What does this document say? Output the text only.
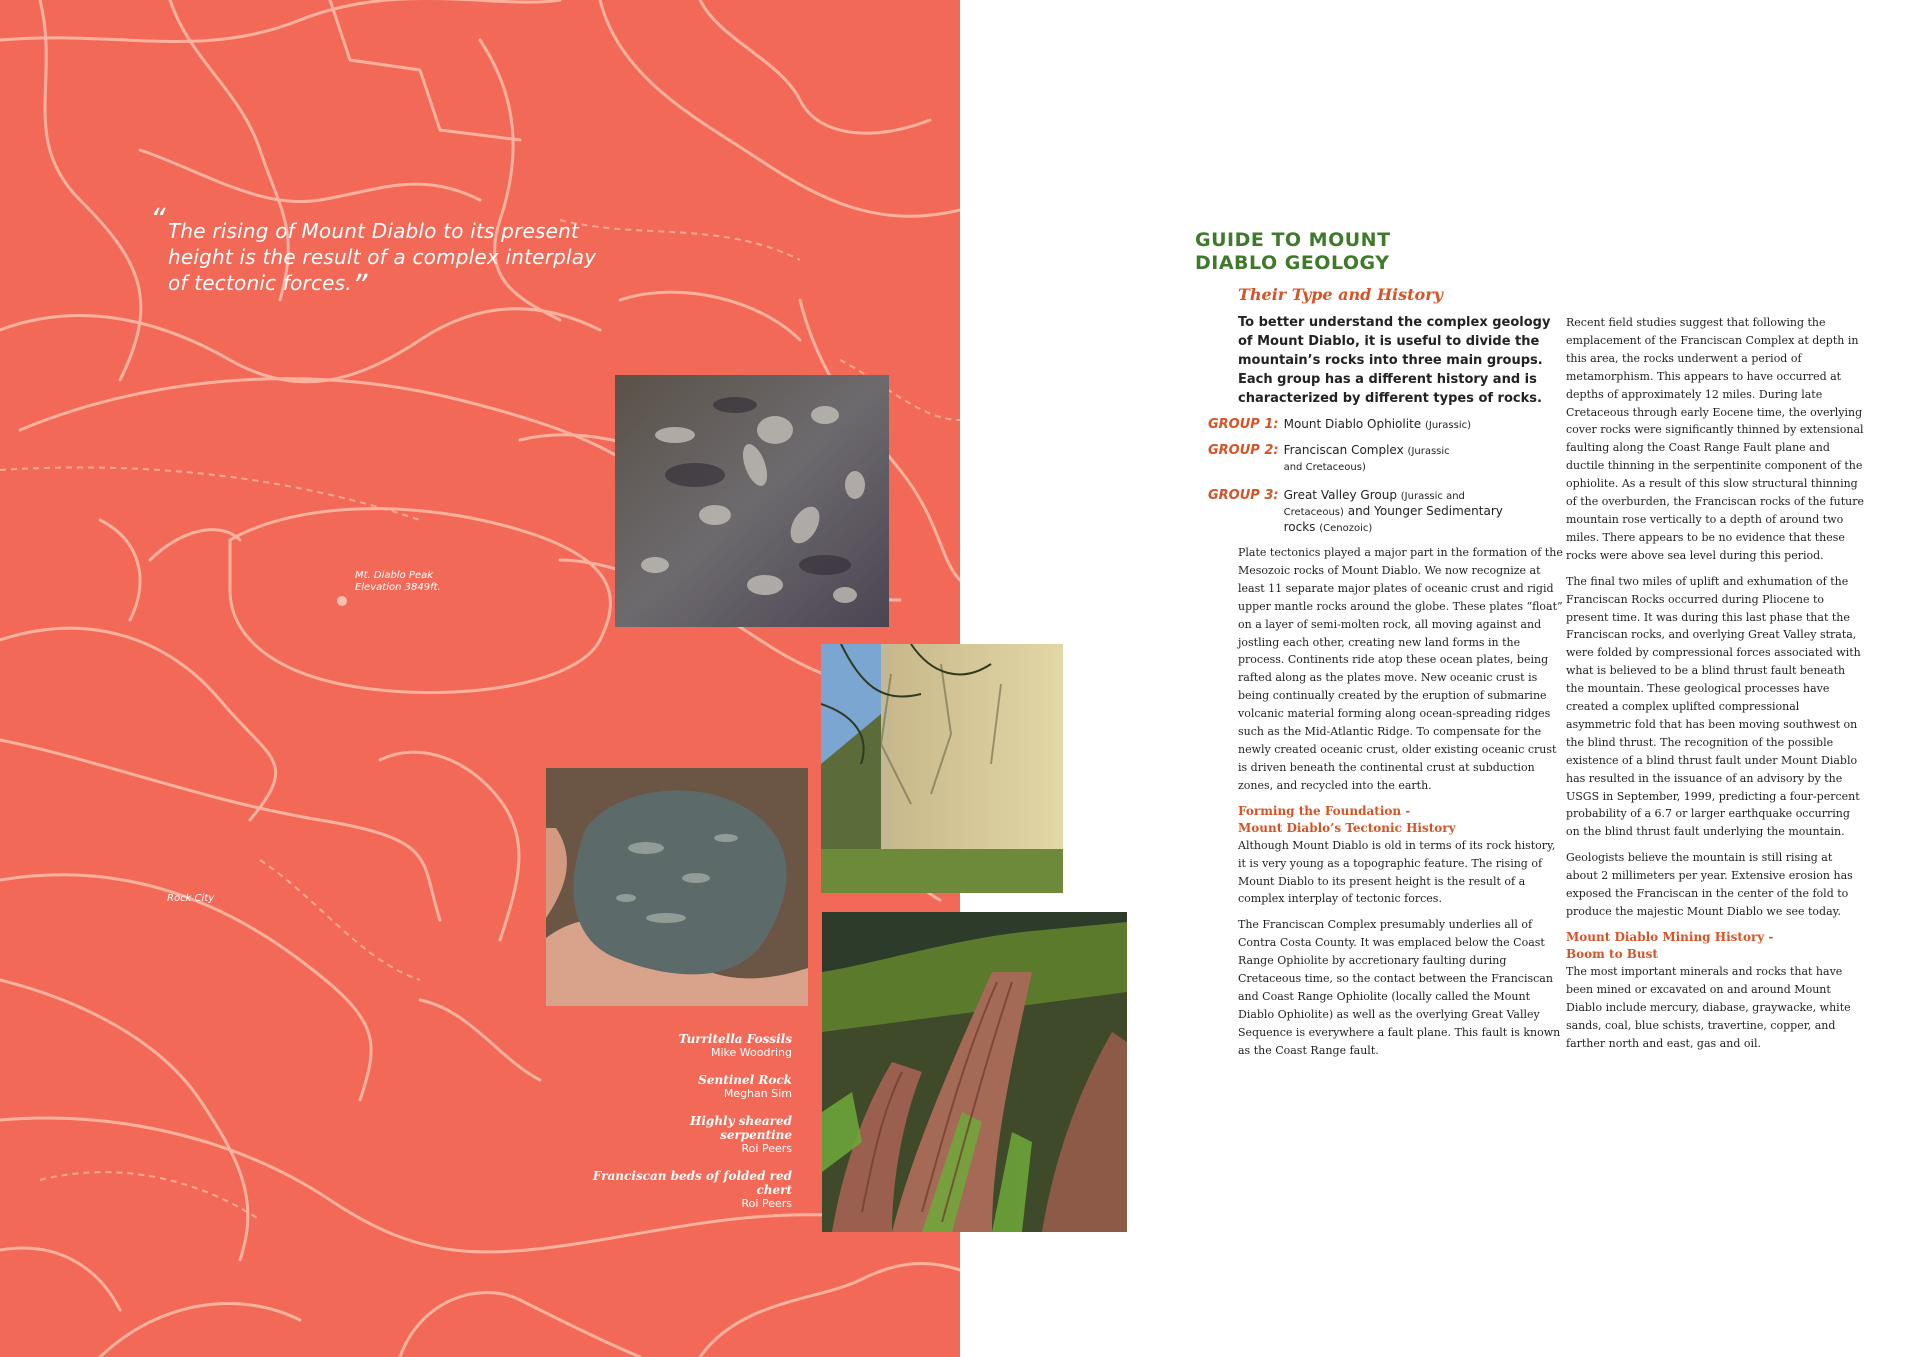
“ The rising of Mount Diablo to its present height is the result of a complex interplay of tectonic forces.”
Mt. Diablo Peak
Elevation 3849ft.
Rock City
Turritella Fossils
Mike Woodring
Sentinel Rock
Meghan Sim
Highly sheared serpentine
Roi Peers
Franciscan beds of folded red chert
Roi Peers
GUIDE TO MOUNT DIABLO GEOLOGY
Their Type and History
To better understand the complex geology of Mount Diablo, it is useful to divide the mountain’s rocks into three main groups. Each group has a different history and is characterized by different types of rocks.
GROUP 1: Mount Diablo Ophiolite (Jurassic)
GROUP 2: Franciscan Complex (Jurassic and Cretaceous)
GROUP 3: Great Valley Group (Jurassic and Cretaceous) and Younger Sedimentary rocks (Cenozoic)

Plate tectonics played a major part in the formation of the Mesozoic rocks of Mount Diablo. We now recognize at least 11 separate major plates of oceanic crust and rigid upper mantle rocks around the globe. These plates “float” on a layer of semi-molten rock, all moving against and jostling each other, creating new land forms in the process. Continents ride atop these ocean plates, being rafted along as the plates move. New oceanic crust is being continually created by the eruption of submarine volcanic material forming along ocean-spreading ridges such as the Mid-Atlantic Ridge. To compensate for the newly created oceanic crust, older existing oceanic crust is driven beneath the continental crust at subduction zones, and recycled into the earth.

Forming the Foundation -
Mount Diablo’s Tectonic History

Although Mount Diablo is old in terms of its rock history, it is very young as a topographic feature. The rising of Mount Diablo to its present height is the result of a complex interplay of tectonic forces.

The Franciscan Complex presumably underlies all of Contra Costa County. It was emplaced below the Coast Range Ophiolite by accretionary faulting during Cretaceous time, so the contact between the Franciscan and Coast Range Ophiolite (locally called the Mount Diablo Ophiolite) as well as the overlying Great Valley Sequence is everywhere a fault plane. This fault is known as the Coast Range fault.

Recent field studies suggest that following the emplacement of the Franciscan Complex at depth in this area, the rocks underwent a period of metamorphism. This appears to have occurred at depths of approximately 12 miles. During late Cretaceous through early Eocene time, the overlying cover rocks were significantly thinned by extensional faulting along the Coast Range Fault plane and ductile thinning in the serpentinite component of the ophiolite. As a result of this slow structural thinning of the overburden, the Franciscan rocks of the future mountain rose vertically to a depth of around two miles. There appears to be no evidence that these rocks were above sea level during this period.

The final two miles of uplift and exhumation of the Franciscan Rocks occurred during Pliocene to present time. It was during this last phase that the Franciscan rocks, and overlying Great Valley strata, were folded by compressional forces associated with what is believed to be a blind thrust fault beneath the mountain. These geological processes have created a complex uplifted compressional asymmetric fold that has been moving southwest on the blind thrust. The recognition of the possible existence of a blind thrust fault under Mount Diablo has resulted in the issuance of an advisory by the USGS in September, 1999, predicting a four-percent probability of a 6.7 or larger earthquake occurring on the blind thrust fault underlying the mountain.

Geologists believe the mountain is still rising at about 2 millimeters per year. Extensive erosion has exposed the Franciscan in the center of the fold to produce the majestic Mount Diablo we see today.

Mount Diablo Mining History -
Boom to Bust

The most important minerals and rocks that have been mined or excavated on and around Mount Diablo include mercury, diabase, graywacke, white sands, coal, blue schists, travertine, copper, and farther north and east, gas and oil.
